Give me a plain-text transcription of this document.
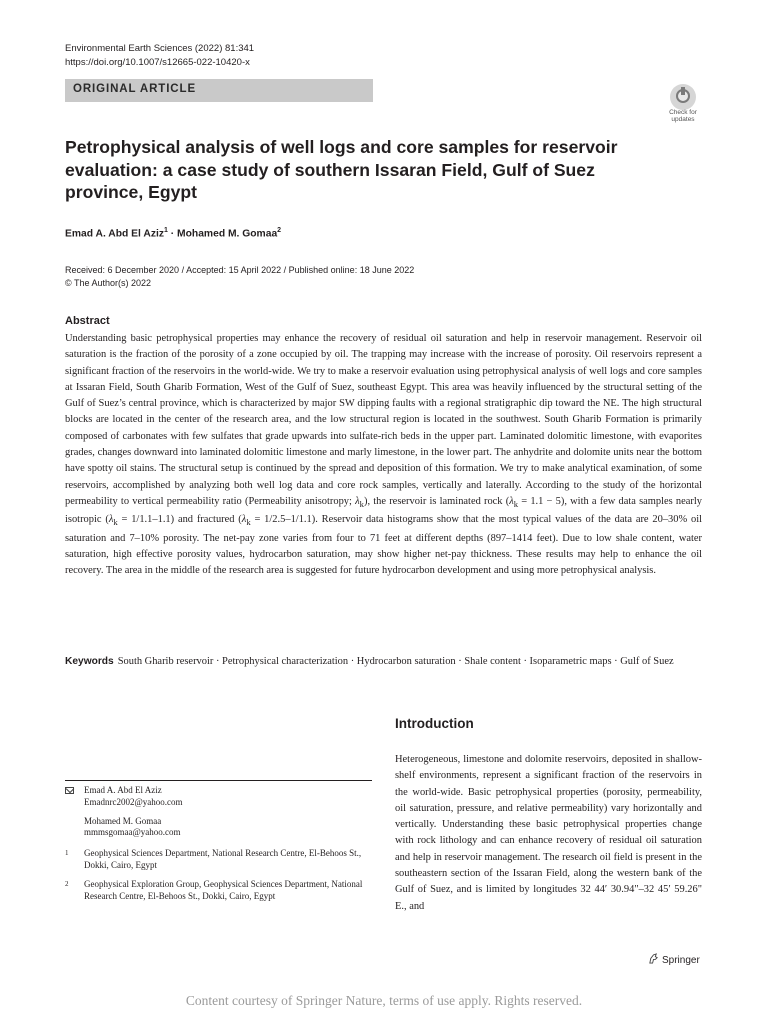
Environmental Earth Sciences (2022) 81:341
https://doi.org/10.1007/s12665-022-10420-x
ORIGINAL ARTICLE
Check for updates
Petrophysical analysis of well logs and core samples for reservoir evaluation: a case study of southern Issaran Field, Gulf of Suez province, Egypt
Emad A. Abd El Aziz$^1$ · Mohamed M. Gomaa$^2$
Received: 6 December 2020 / Accepted: 15 April 2022 / Published online: 18 June 2022
© The Author(s) 2022
Abstract
Understanding basic petrophysical properties may enhance the recovery of residual oil saturation and help in reservoir management. Reservoir oil saturation is the fraction of the porosity of a zone occupied by oil. The trapping may increase with the increase of porosity. Oil reservoirs represent a significant fraction of the reservoirs in the world-wide. We try to make a reservoir evaluation using petrophysical analysis of well logs and core samples at Issaran Field, South Gharib Formation, West of the Gulf of Suez, southeast Egypt. This area was heavily influenced by the structural setting of the Gulf of Suez’s central province, which is characterized by major SW dipping faults with a regional stratigraphic dip toward the NE. The high structural blocks are located in the center of the research area, and the low structural region is located in the southwest. South Gharib Formation is primarily composed of carbonates with few sulfates that grade upwards into sulfate-rich beds in the upper part. Laminated dolomitic limestone, with evaporites grades, changes downward into laminated dolomitic limestone and marly limestone, in the lower part. The anhydrite and dolomite units near the bottom have spotty oil stains. The structural setup is continued by the spread and deposition of this formation. We try to make analytical examination, of some reservoirs, accomplished by analyzing both well log data and core rock samples, vertically and laterally. According to the study of the horizontal permeability to vertical permeability ratio (Permeability anisotropy; $\lambda_k$), the reservoir is laminated rock $(\lambda_k = 1.1 - 5)$, with a few data samples nearly isotropic $(\lambda_k = 1/1.1-1.1)$ and fractured $(\lambda_k = 1/2.5-1/1.1)$. Reservoir data histograms show that the most typical values of the data are 20–30% oil saturation and 7–10% porosity. The net-pay zone varies from four to 71 feet at different depths (897–1414 feet). Due to low shale content, water saturation, high effective porosity values, hydrocarbon saturation, may show higher net-pay thickness. These results may help to enhance the oil recovery. The area in the middle of the research area is suggested for future hydrocarbon development and using more petrophysical analysis.
Keywords South Gharib reservoir · Petrophysical characterization · Hydrocarbon saturation · Shale content · Isoparametric maps · Gulf of Suez
Introduction
Heterogeneous, limestone and dolomite reservoirs, deposited in shallow-shelf environments, represent a significant fraction of the reservoirs in the world-wide. Basic petrophysical properties (porosity, permeability, oil saturation, pressure, and relative permeability) vary horizontally and vertically. Understanding these basic petrophysical properties change with rock lithology and can enhance recovery of residual oil saturation and help in reservoir management. The research oil field is present in the southeastern section of the Issaran Field, along the western bank of the Gulf of Suez, and is limited by longitudes 32 44′ 30.94"–32 45′ 59.26" E., and
Emad A. Abd El Aziz
Emadnrc2002@yahoo.com
Mohamed M. Gomaa
mmmsgomaa@yahoo.com
1 Geophysical Sciences Department, National Research Centre, El-Behoos St., Dokki, Cairo, Egypt
2 Geophysical Exploration Group, Geophysical Sciences Department, National Research Centre, El-Behoos St., Dokki, Cairo, Egypt
Springer
Content courtesy of Springer Nature, terms of use apply. Rights reserved.
